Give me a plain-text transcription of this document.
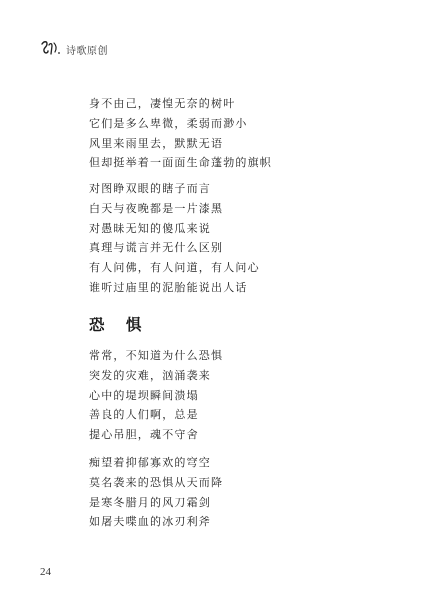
诗歌原创
身不由己，凄惶无奈的树叶
它们是多么卑微，柔弱而渺小
风里来雨里去，默默无语
但却挺举着一面面生命蓬勃的旗帜
对图睁双眼的瞎子而言
白天与夜晚都是一片漆黑
对愚昧无知的傻瓜来说
真理与谎言并无什么区别
有人问佛，有人问道，有人问心
谁听过庙里的泥胎能说出人话
恐 惧
常常，不知道为什么恐惧
突发的灾难，汹涌袭来
心中的堤坝瞬间溃塌
善良的人们啊，总是
提心吊胆，魂不守舍
痴望着抑郁寡欢的穹空
莫名袭来的恐惧从天而降
是寒冬腊月的风刀霜剑
如屠夫喋血的冰刃利斧
24
